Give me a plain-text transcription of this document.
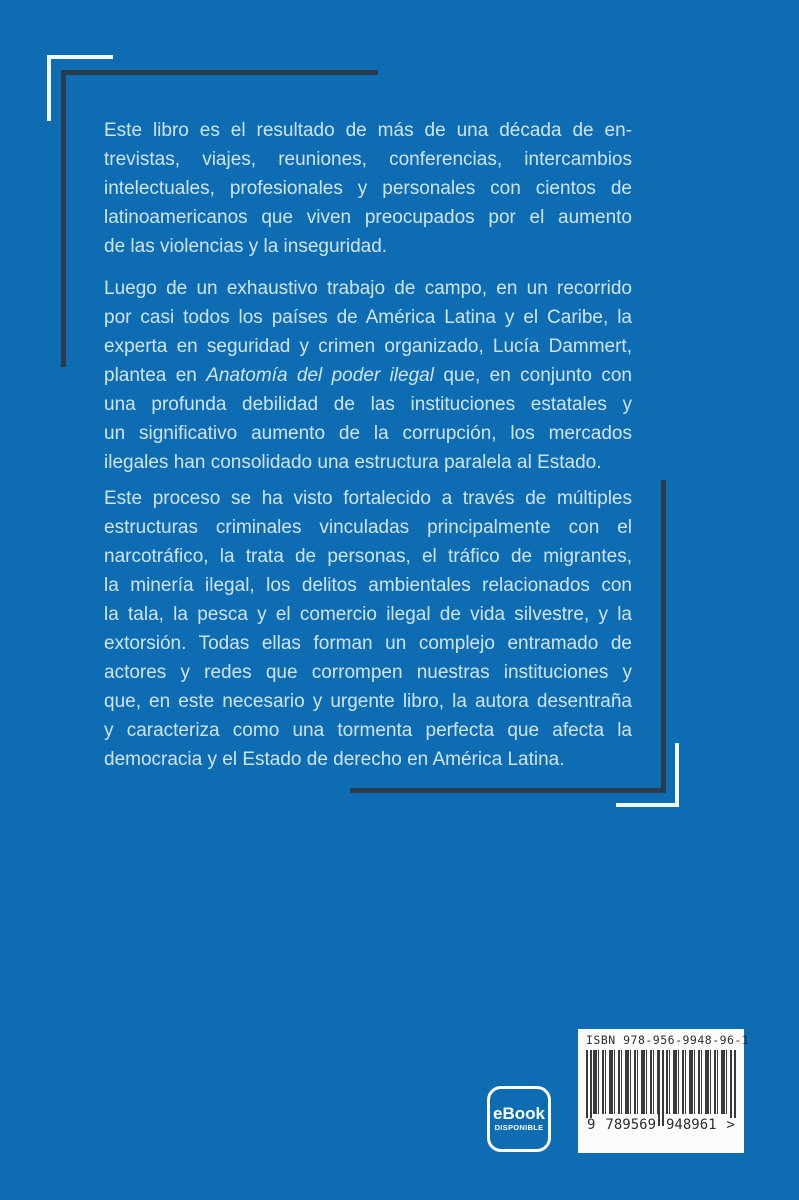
Este libro es el resultado de más de una década de en-
trevistas, viajes, reuniones, conferencias, intercambios
intelectuales, profesionales y personales con cientos de
latinoamericanos que viven preocupados por el aumento
de las violencias y la inseguridad.
Luego de un exhaustivo trabajo de campo, en un recorrido
por casi todos los países de América Latina y el Caribe, la
experta en seguridad y crimen organizado, Lucía Dammert,
plantea en Anatomía del poder ilegal que, en conjunto con
una profunda debilidad de las instituciones estatales y
un significativo aumento de la corrupción, los mercados
ilegales han consolidado una estructura paralela al Estado.
Este proceso se ha visto fortalecido a través de múltiples
estructuras criminales vinculadas principalmente con el
narcotráfico, la trata de personas, el tráfico de migrantes,
la minería ilegal, los delitos ambientales relacionados con
la tala, la pesca y el comercio ilegal de vida silvestre, y la
extorsión. Todas ellas forman un complejo entramado de
actores y redes que corrompen nuestras instituciones y
que, en este necesario y urgente libro, la autora desentraña
y caracteriza como una tormenta perfecta que afecta la
democracia y el Estado de derecho en América Latina.
eBook
DISPONIBLE
ISBN 978-956-9948-96-1
9 789569 948961 >
